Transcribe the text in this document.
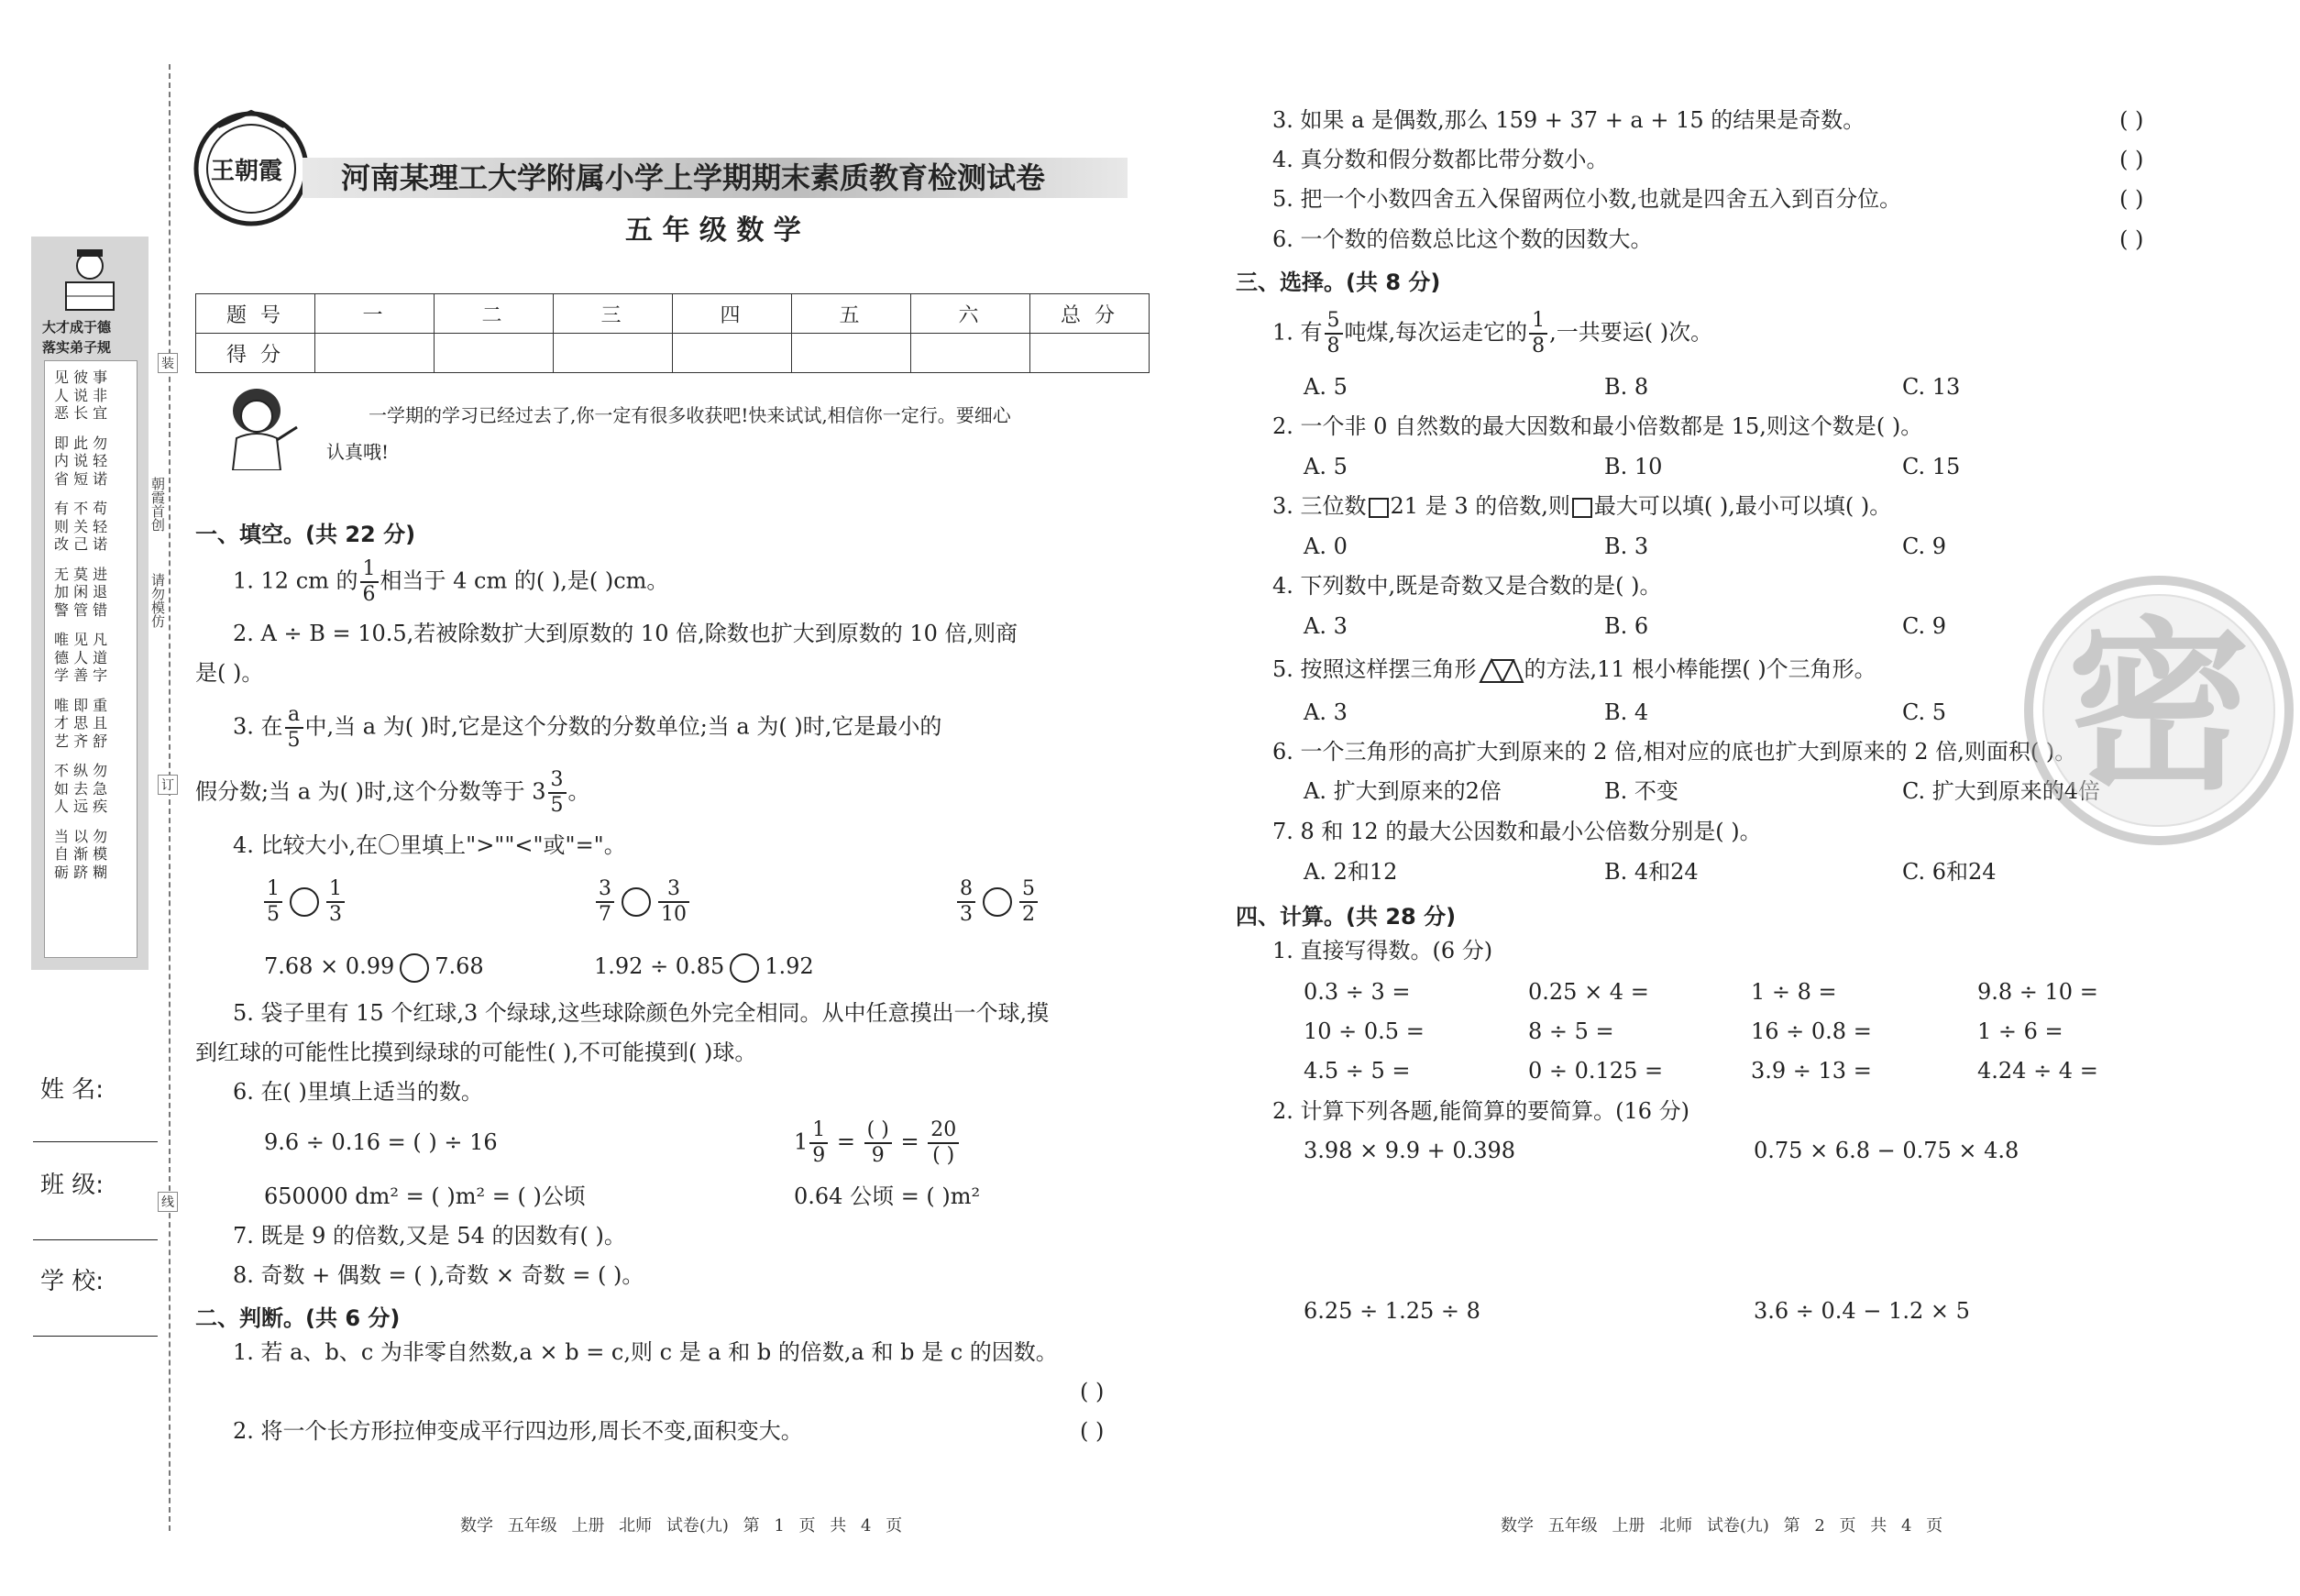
大才成于德
落实弟子规
见 彼 事
人 说 非
恶 长 宜
即 此 勿
内 说 轻
省 短 诺
有 不 苟
则 关 轻
改 己 诺
无 莫 进
加 闲 退
警 管 错
唯 见 凡
德 人 道
学 善 字
唯 即 重
才 思 且
艺 齐 舒
不 纵 勿
如 去 急
人 远 疾
当 以 勿
自 渐 模
砺 跻 糊
姓 名:
班 级:
学 校:
装
订
线
朝霞首创
请勿模仿
王朝霞 河南某理工大学附属小学上学期期末素质教育检测试卷
五 年 级 数 学
题 号	一	二	三	四	五	六	总 分
得 分							
一学期的学习已经过去了,你一定有很多收获吧!快来试试,相信你一定行。要细心
认真哦!
一、填空。(共 22 分)
1. 12 cm 的 $\frac{1}{6}$ 相当于 4 cm 的( ),是( )cm。
2. A ÷ B = 10.5,若被除数扩大到原数的 10 倍,除数也扩大到原数的 10 倍,则商
是( )。
3. 在 $\frac{a}{5}$ 中,当 a 为( )时,它是这个分数的分数单位;当 a 为( )时,它是最小的
假分数;当 a 为( )时,这个分数等于 $3 \frac{3}{5}$ 。
4. 比较大小,在〇里填上">""<"或"="。
$\frac{1}{5} \frac{1}{3}$	$\frac{3}{7} \frac{3}{10}$	$\frac{8}{3} \frac{5}{2}$
7.68 × 0.99 7.68	1.92 ÷ 0.85 1.92
5. 袋子里有 15 个红球,3 个绿球,这些球除颜色外完全相同。从中任意摸出一个球,摸
到红球的可能性比摸到绿球的可能性( ),不可能摸到( )球。
6. 在( )里填上适当的数。
9.6 ÷ 0.16 = ( ) ÷ 16	$1 \frac{1}{9} = \frac{( )}{9} = \frac{20}{( )}$
650000 dm² = ( )m² = ( )公顷	0.64 公顷 = ( )m²
7. 既是 9 的倍数,又是 54 的因数有( )。
8. 奇数 + 偶数 = ( ),奇数 × 奇数 = ( )。
二、判断。(共 6 分)
1. 若 a、b、c 为非零自然数,a × b = c,则 c 是 a 和 b 的倍数,a 和 b 是 c 的因数。
( )
2. 将一个长方形拉伸变成平行四边形,周长不变,面积变大。	( )
数学 五年级 上册 北师 试卷(九) 第 1 页 共 4 页
3. 如果 a 是偶数,那么 159 + 37 + a + 15 的结果是奇数。	( )
4. 真分数和假分数都比带分数小。	( )
5. 把一个小数四舍五入保留两位小数,也就是四舍五入到百分位。	( )
6. 一个数的倍数总比这个数的因数大。	( )
三、选择。(共 8 分)
1. 有 $\frac{5}{8}$ 吨煤,每次运走它的 $\frac{1}{8}$ ,一共要运( )次。
A. 5	B. 8	C. 13
2. 一个非 0 自然数的最大因数和最小倍数都是 15,则这个数是( )。
A. 5	B. 10	C. 15
3. 三位数 21 是 3 的倍数,则 最大可以填( ),最小可以填( )。
A. 0	B. 3	C. 9
4. 下列数中,既是奇数又是合数的是( )。
A. 3	B. 6	C. 9
5. 按照这样摆三角形 的方法,11 根小棒能摆( )个三角形。
A. 3	B. 4	C. 5
6. 一个三角形的高扩大到原来的 2 倍,相对应的底也扩大到原来的 2 倍,则面积( )。
A. 扩大到原来的2倍	B. 不变	C. 扩大到原来的4倍
7. 8 和 12 的最大公因数和最小公倍数分别是( )。
A. 2和12	B. 4和24	C. 6和24
四、计算。(共 28 分)
1. 直接写得数。(6 分)
0.3 ÷ 3 =	0.25 × 4 =	1 ÷ 8 =	9.8 ÷ 10 =
10 ÷ 0.5 =	8 ÷ 5 =	16 ÷ 0.8 =	1 ÷ 6 =
4.5 ÷ 5 =	0 ÷ 0.125 =	3.9 ÷ 13 =	4.24 ÷ 4 =
2. 计算下列各题,能简算的要简算。(16 分)
3.98 × 9.9 + 0.398	0.75 × 6.8 − 0.75 × 4.8
6.25 ÷ 1.25 ÷ 8	3.6 ÷ 0.4 − 1.2 × 5
数学 五年级 上册 北师 试卷(九) 第 2 页 共 4 页
密
